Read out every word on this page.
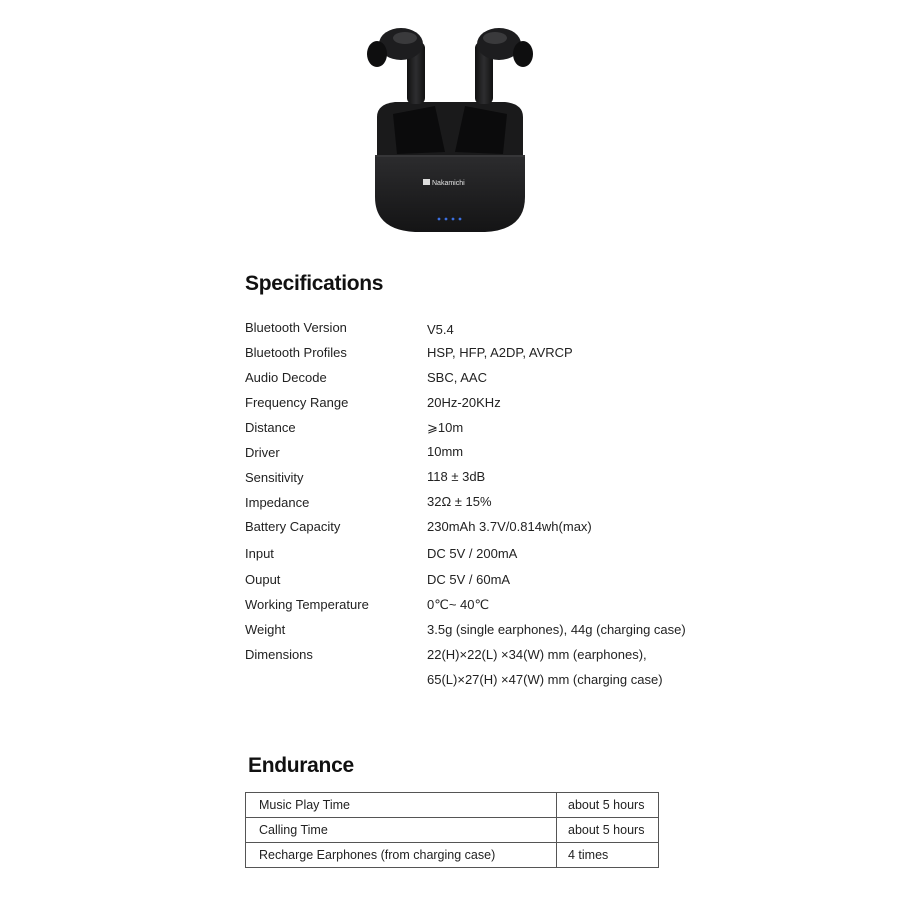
Nakamichi
Specifications
Bluetooth Version	V5.4
Bluetooth Profiles	HSP, HFP, A2DP, AVRCP
Audio Decode	SBC, AAC
Frequency Range	20Hz-20KHz
Distance	⩾10m
Driver	10mm
Sensitivity	118 ± 3dB
Impedance	32Ω ± 15%
Battery Capacity	230mAh 3.7V/0.814wh(max)
Input	DC 5V / 200mA
Ouput	DC 5V / 60mA
Working Temperature	0℃~ 40℃
Weight	3.5g (single earphones), 44g (charging case)
Dimensions	22(H)×22(L) ×34(W) mm (earphones),
65(L)×27(H) ×47(W) mm (charging case)
Endurance
Music Play Time	about 5 hours
Calling Time	about 5 hours
Recharge Earphones (from charging case)	4 times
